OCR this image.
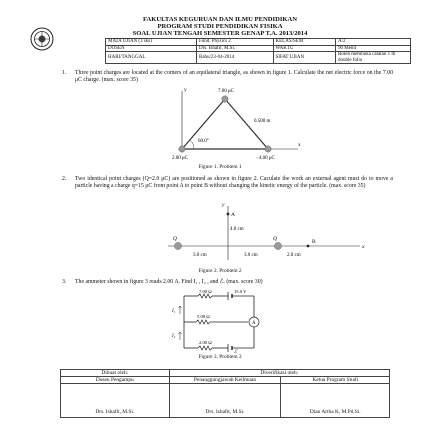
FAKULTAS KEGURUAN DAN ILMU PENDIDIKAN
PROGRAM STUDI PENDIDIKAN FISIKA
SOAL UJIAN TENGAH SEMESTER GENAP T.A. 2013/2014
MATA UJIAN (3 sks)	Fund. Physics 2	KELAS/SEM	A/2
DOSEN	Drs. Ishafit, M.Si.	WAKTU	90 Menit
HARI/TANGGAL	Rabu/23-04-2014	SIFAT UJIAN	Boleh membuka catatan 1 lb double folio
1. Three point charges are located at the corners of an equilateral triangle, as shown in figure 1. Calculate the net electric force on the 7.00 μC charge. (max. score 35)
y
x
60.0°
7.00 μC
2.00 μC	−4.00 μC
0.500 m
Figure 1. Problem 1
2. Two identical point charges (Q=2.0 μC) are positioned as shown in figure 2. Caculate the work an external agent must do to move a particle having a charge q=15 μC from point A to point B without changing the kinetic energy of the particle. (max. score 35)
y
x
A
B
Q	Q
4.0 cm
3.0 cm	3.0 cm	2.0 cm
Figure 2. Problem 2
3. The ammeter shown in figure 3 reads 2.00 A. Find I₁ , I₂ , and ℰ. (max. score 30)
A
I₁
I₂
7.00 Ω	15.0 V
5.00 Ω
2.00 Ω
ℰ
Figure 3. Problem 3
Dibuat oleh:	Diverifikasi oleh:	
Dosen Pengampu	Penanggungjawab Keilmuan	Ketua Program Studi
Drs. Ishafit, M.Si.	Drs. Ishafit, M.Si.	Dian Artha K, M.Pd.Si.
